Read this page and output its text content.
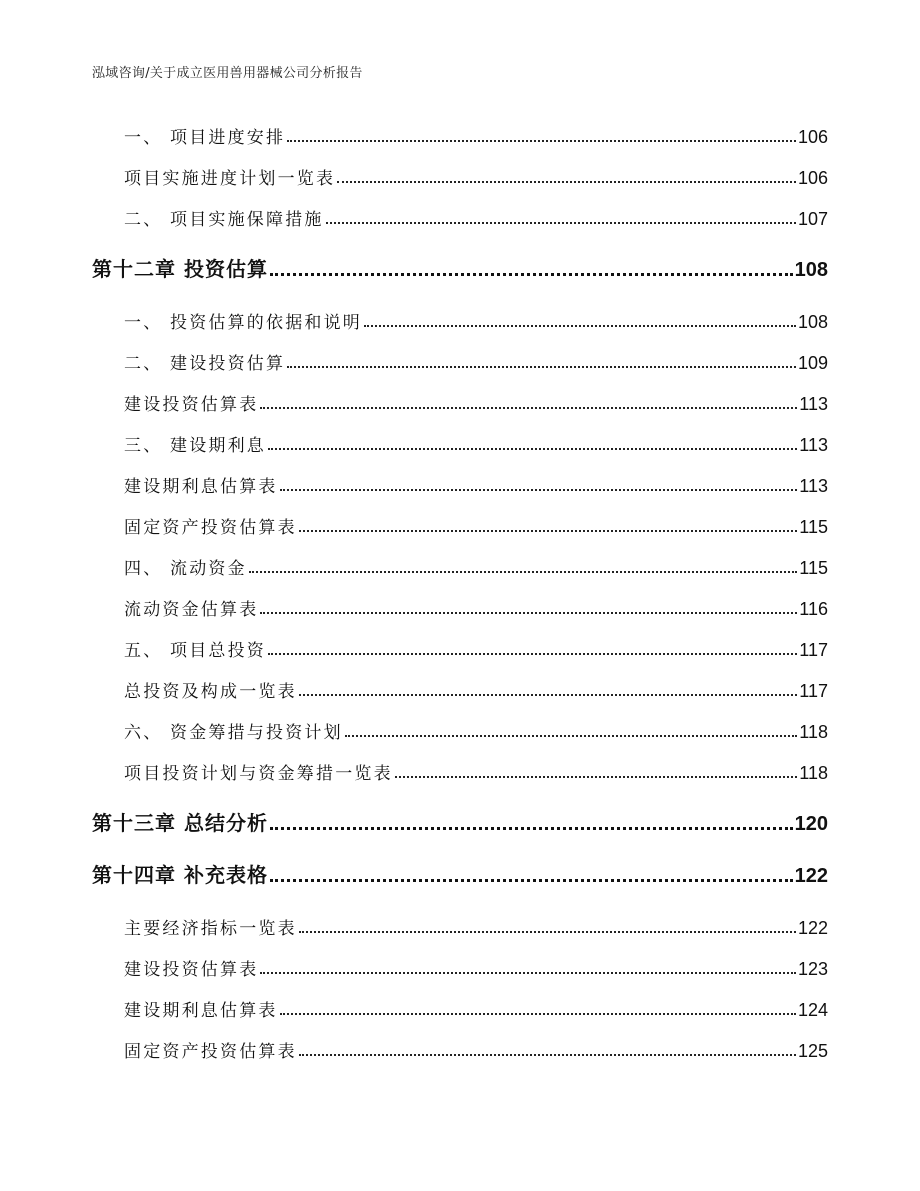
泓域咨询/关于成立医用兽用器械公司分析报告
一、 项目进度安排	106
项目实施进度计划一览表	106
二、 项目实施保障措施	107
第十二章 投资估算	108
一、 投资估算的依据和说明	108
二、 建设投资估算	109
建设投资估算表	113
三、 建设期利息	113
建设期利息估算表	113
固定资产投资估算表	115
四、 流动资金	115
流动资金估算表	116
五、 项目总投资	117
总投资及构成一览表	117
六、 资金筹措与投资计划	118
项目投资计划与资金筹措一览表	118
第十三章 总结分析	120
第十四章 补充表格	122
主要经济指标一览表	122
建设投资估算表	123
建设期利息估算表	124
固定资产投资估算表	125
